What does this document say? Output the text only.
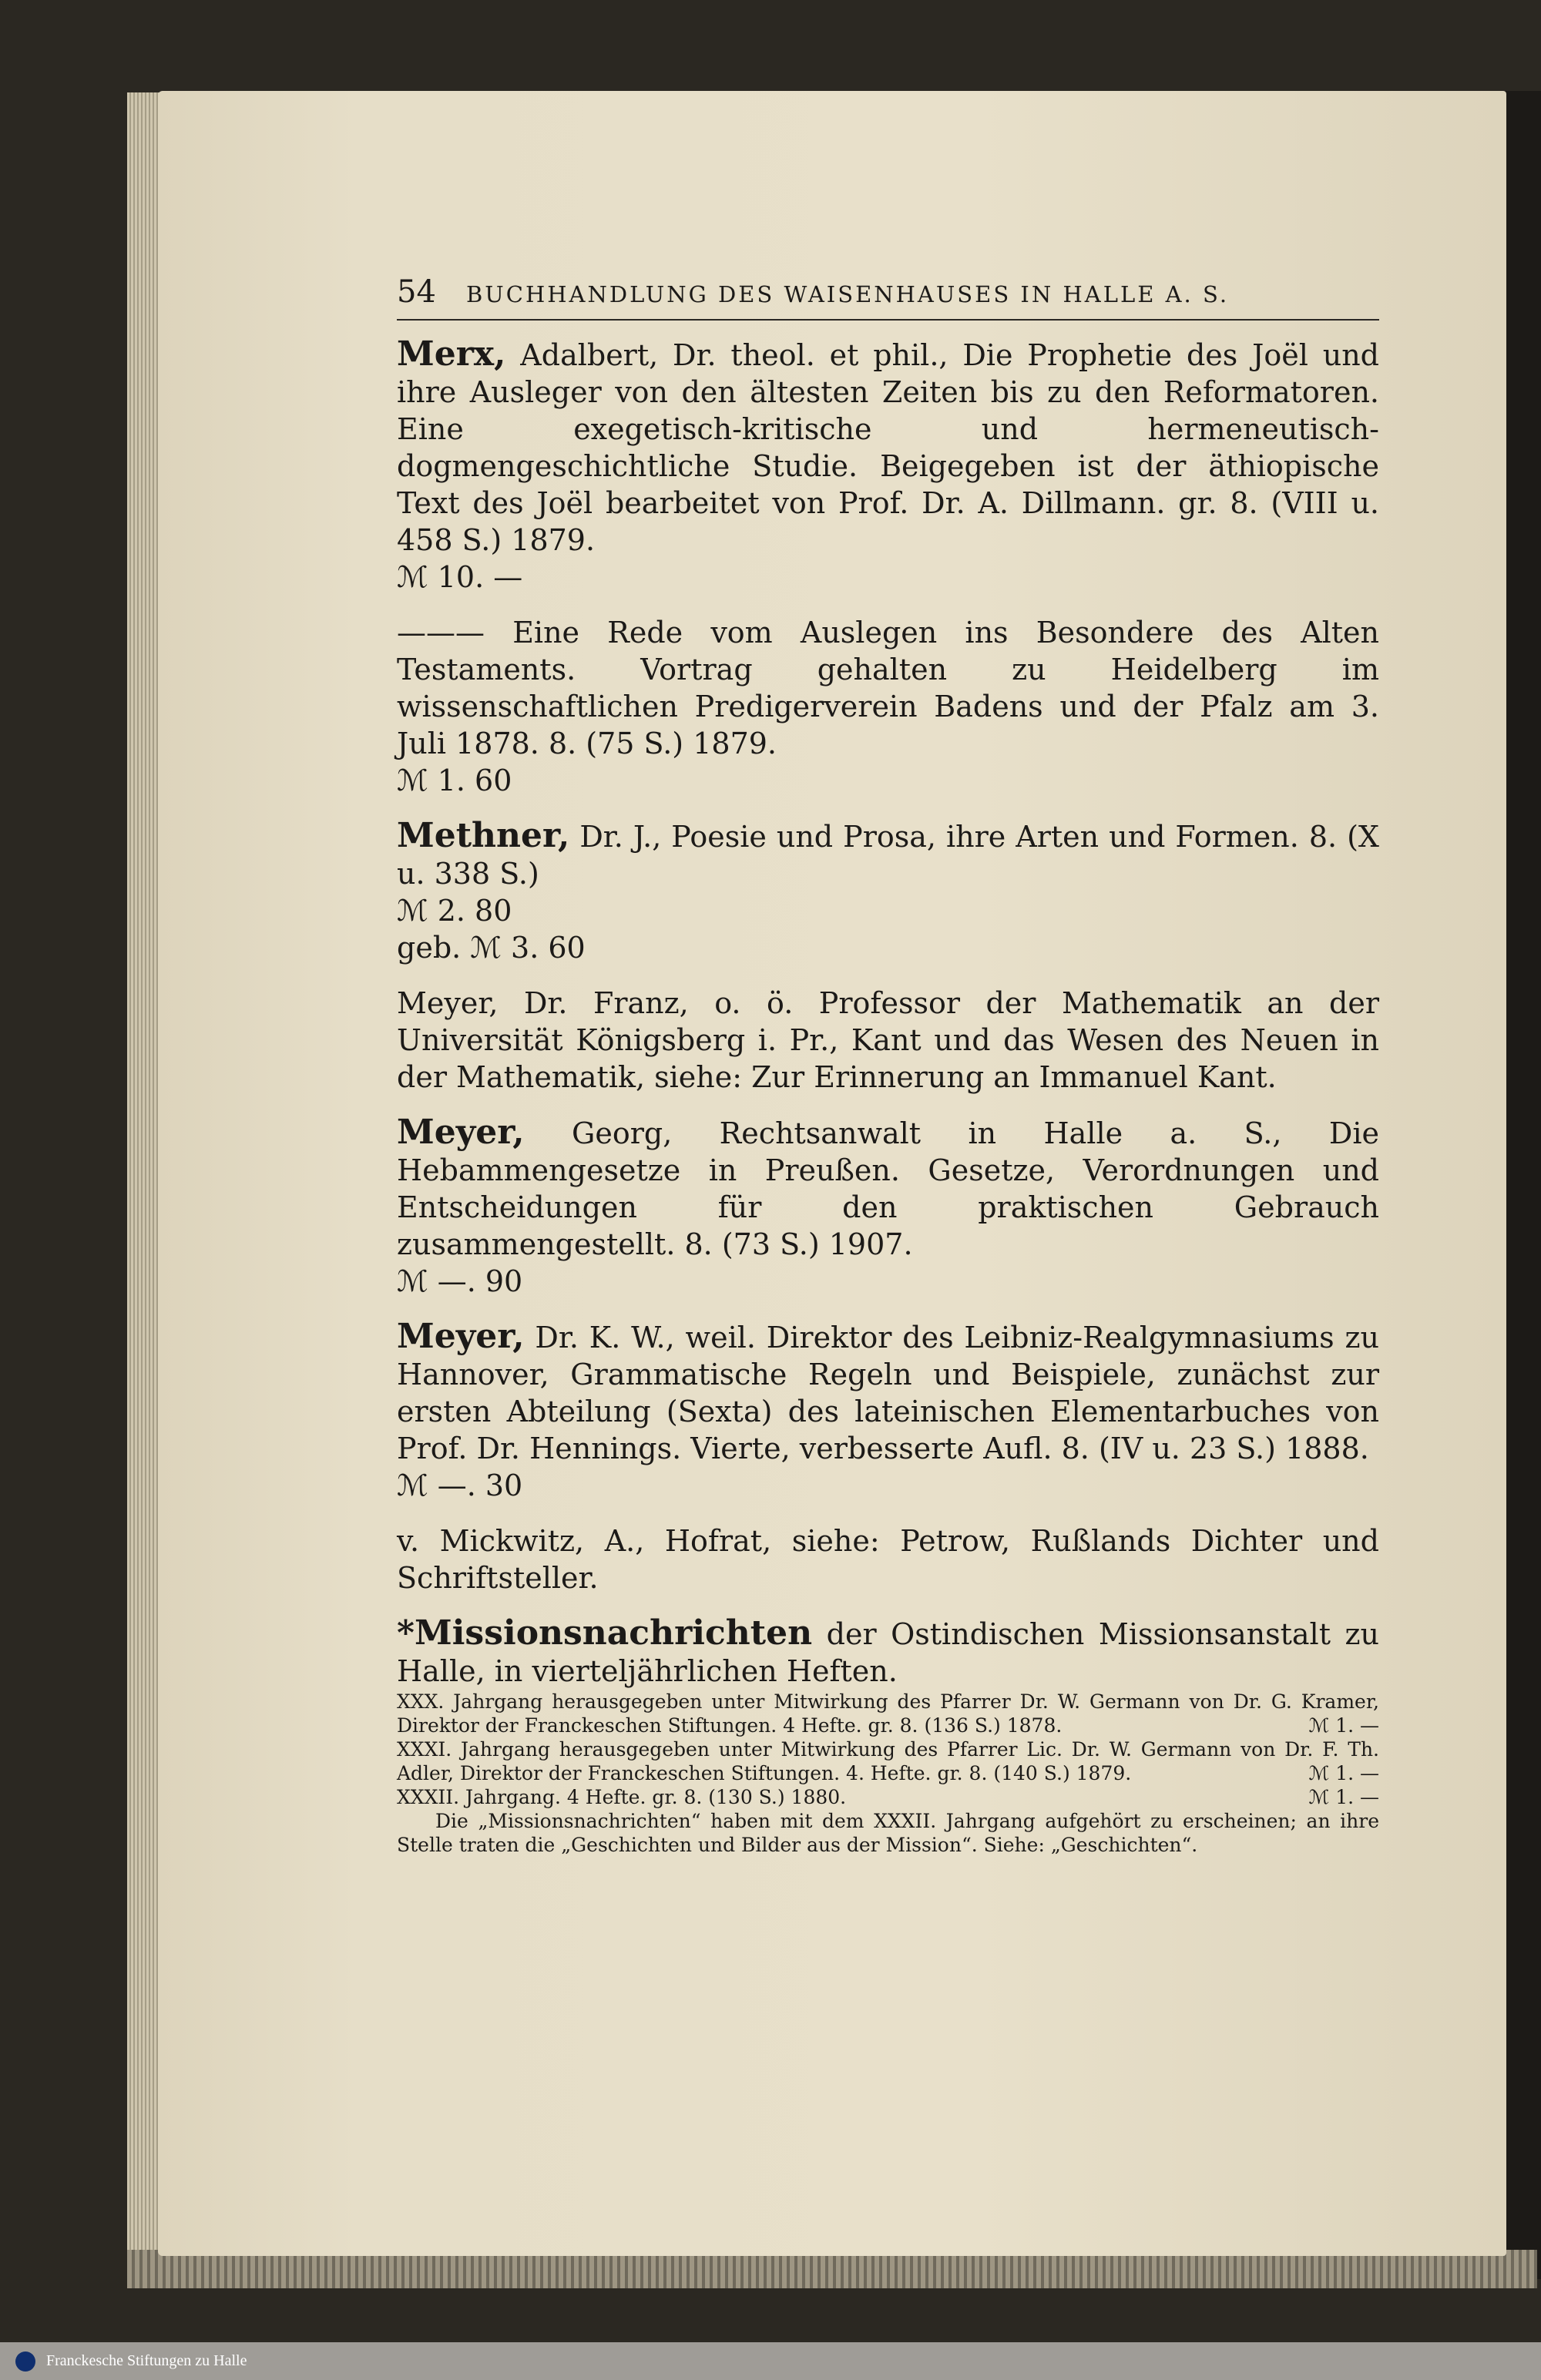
54	BUCHHANDLUNG DES WAISENHAUSES IN HALLE A. S.

Merx, Adalbert, Dr. theol. et phil., Die Prophetie des Joël und ihre Ausleger von den ältesten Zeiten bis zu den Reformatoren. Eine exegetisch-kritische und hermeneutisch-dogmengeschichtliche Studie. Beigegeben ist der äthiopische Text des Joël bearbeitet von Prof. Dr. A. Dillmann. gr. 8. (VIII u. 458 S.) 1879.

ℳ 10. —

——— Eine Rede vom Auslegen ins Besondere des Alten Testaments. Vortrag gehalten zu Heidelberg im wissenschaftlichen Predigerverein Badens und der Pfalz am 3. Juli 1878. 8. (75 S.) 1879.

ℳ 1. 60

Methner, Dr. J., Poesie und Prosa, ihre Arten und Formen. 8. (X u. 338 S.)

ℳ 2. 80

geb. ℳ 3. 60

Meyer, Dr. Franz, o. ö. Professor der Mathematik an der Universität Königsberg i. Pr., Kant und das Wesen des Neuen in der Mathematik, siehe: Zur Erinnerung an Immanuel Kant.

Meyer, Georg, Rechtsanwalt in Halle a. S., Die Hebammengesetze in Preußen. Gesetze, Verordnungen und Entscheidungen für den praktischen Gebrauch zusammengestellt. 8. (73 S.) 1907.

ℳ —. 90

Meyer, Dr. K. W., weil. Direktor des Leibniz-Realgymnasiums zu Hannover, Grammatische Regeln und Beispiele, zunächst zur ersten Abteilung (Sexta) des lateinischen Elementarbuches von Prof. Dr. Hennings. Vierte, verbesserte Aufl. 8. (IV u. 23 S.) 1888.

ℳ —. 30

v. Mickwitz, A., Hofrat, siehe: Petrow, Rußlands Dichter und Schriftsteller.

*Missionsnachrichten der Ostindischen Missionsanstalt zu Halle, in vierteljährlichen Heften.

XXX. Jahrgang herausgegeben unter Mitwirkung des Pfarrer Dr. W. Germann von Dr. G. Kramer, Direktor der Franckeschen Stiftungen. 4 Hefte. gr. 8. (136 S.) 1878.	ℳ 1. —

XXXI. Jahrgang herausgegeben unter Mitwirkung des Pfarrer Lic. Dr. W. Germann von Dr. F. Th. Adler, Direktor der Franckeschen Stiftungen. 4. Hefte. gr. 8. (140 S.) 1879.	ℳ 1. —

XXXII. Jahrgang. 4 Hefte. gr. 8. (130 S.) 1880.	ℳ 1. —

Die „Missionsnachrichten“ haben mit dem XXXII. Jahrgang aufgehört zu erscheinen; an ihre Stelle traten die „Geschichten und Bilder aus der Mission“. Siehe: „Geschichten“.

Franckesche Stiftungen zu Halle
